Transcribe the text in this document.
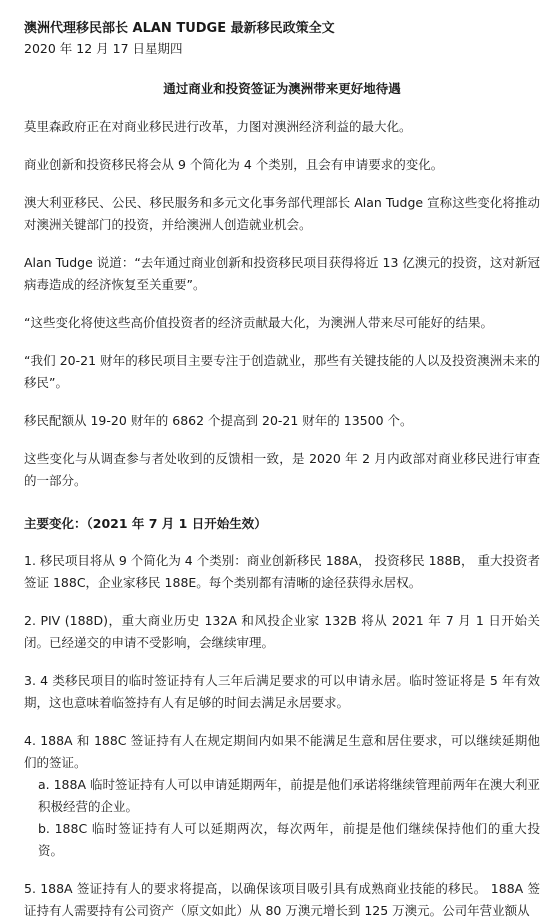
澳洲代理移民部长 ALAN TUDGE 最新移民政策全文

2020 年 12 月 17 日星期四

通过商业和投资签证为澳洲带来更好地待遇

莫里森政府正在对商业移民进行改革，力图对澳洲经济利益的最大化。

商业创新和投资移民将会从 9 个简化为 4 个类别，且会有申请要求的变化。

澳大利亚移民、公民、移民服务和多元文化事务部代理部长 Alan Tudge 宣称这些变化将推动对澳洲关键部门的投资，并给澳洲人创造就业机会。

Alan Tudge 说道：“去年通过商业创新和投资移民项目获得将近 13 亿澳元的投资，这对新冠病毒造成的经济恢复至关重要”。

“这些变化将使这些高价值投资者的经济贡献最大化，为澳洲人带来尽可能好的结果。

“我们 20-21 财年的移民项目主要专注于创造就业，那些有关键技能的人以及投资澳洲未来的移民”。

移民配额从 19-20 财年的 6862 个提高到 20-21 财年的 13500 个。

这些变化与从调查参与者处收到的反馈相一致，是 2020 年 2 月内政部对商业移民进行审查的一部分。

主要变化：（2021 年 7 月 1 日开始生效）

1. 移民项目将从 9 个简化为 4 个类别：商业创新移民 188A， 投资移民 188B， 重大投资者签证 188C，企业家移民 188E。每个类别都有清晰的途径获得永居权。

2. PIV (188D)，重大商业历史 132A 和风投企业家 132B 将从 2021 年 7 月 1 日开始关闭。已经递交的申请不受影响，会继续审理。

3. 4 类移民项目的临时签证持有人三年后满足要求的可以申请永居。临时签证将是 5 年有效期，这也意味着临签持有人有足够的时间去满足永居要求。

4. 188A 和 188C 签证持有人在规定期间内如果不能满足生意和居住要求，可以继续延期他们的签证。

a. 188A 临时签证持有人可以申请延期两年，前提是他们承诺将继续管理前两年在澳大利亚积极经营的企业。

b. 188C 临时签证持有人可以延期两次，每次两年，前提是他们继续保持他们的重大投资。

5. 188A 签证持有人的要求将提高，以确保该项目吸引具有成熟商业技能的移民。 188A 签证持有人需要持有公司资产（原文如此）从 80 万澳元增长到 125 万澳元。公司年营业额从
